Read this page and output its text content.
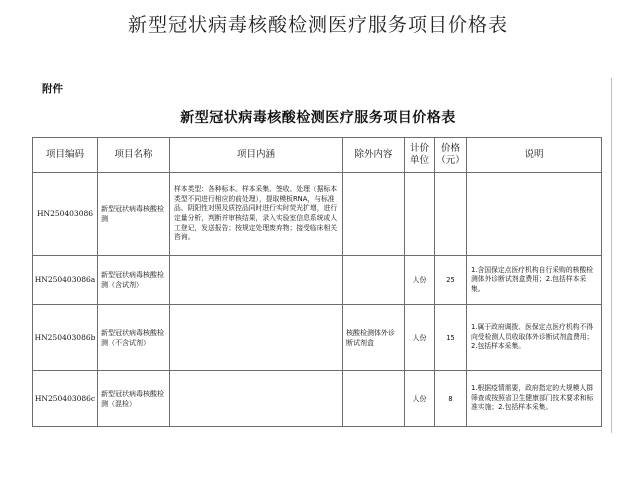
新型冠状病毒核酸检测医疗服务项目价格表
附件
新型冠状病毒核酸检测医疗服务项目价格表
项目编码	项目名称	项目内涵	除外内容	计价单位	价格（元）	说明
HN250403086	新型冠状病毒核酸检测	样本类型：各种标本。样本采集、签收、处理（据标本类型不同进行相应的前处理），提取模板RNA，与标准品、阴阳性对照及质控品同时进行实时荧光扩增，进行定量分析，判断并审核结果，录入实验室信息系统或人工登记，发送报告；按规定处理废弃物；接受临床相关咨询。				
HN250403086a	新型冠状病毒核酸检测（含试剂）			人份	25	1.含国保定点医疗机构自行采购的核酸检测体外诊断试剂盒费用；2.包括样本采集。
HN250403086b	新型冠状病毒核酸检测（不含试剂）		核酸检测体外诊断试剂盒	人份	15	1.属于政府调拨、医保定点医疗机构不得向受检测人员收取体外诊断试剂盒费用；2.包括样本采集。
HN250403086c	新型冠状病毒核酸检测（混检）			人份	8	1.根据疫情需要，政府指定的大规模人群筛查或按照省卫生健康部门技术要求和标准实施；2.包括样本采集。
